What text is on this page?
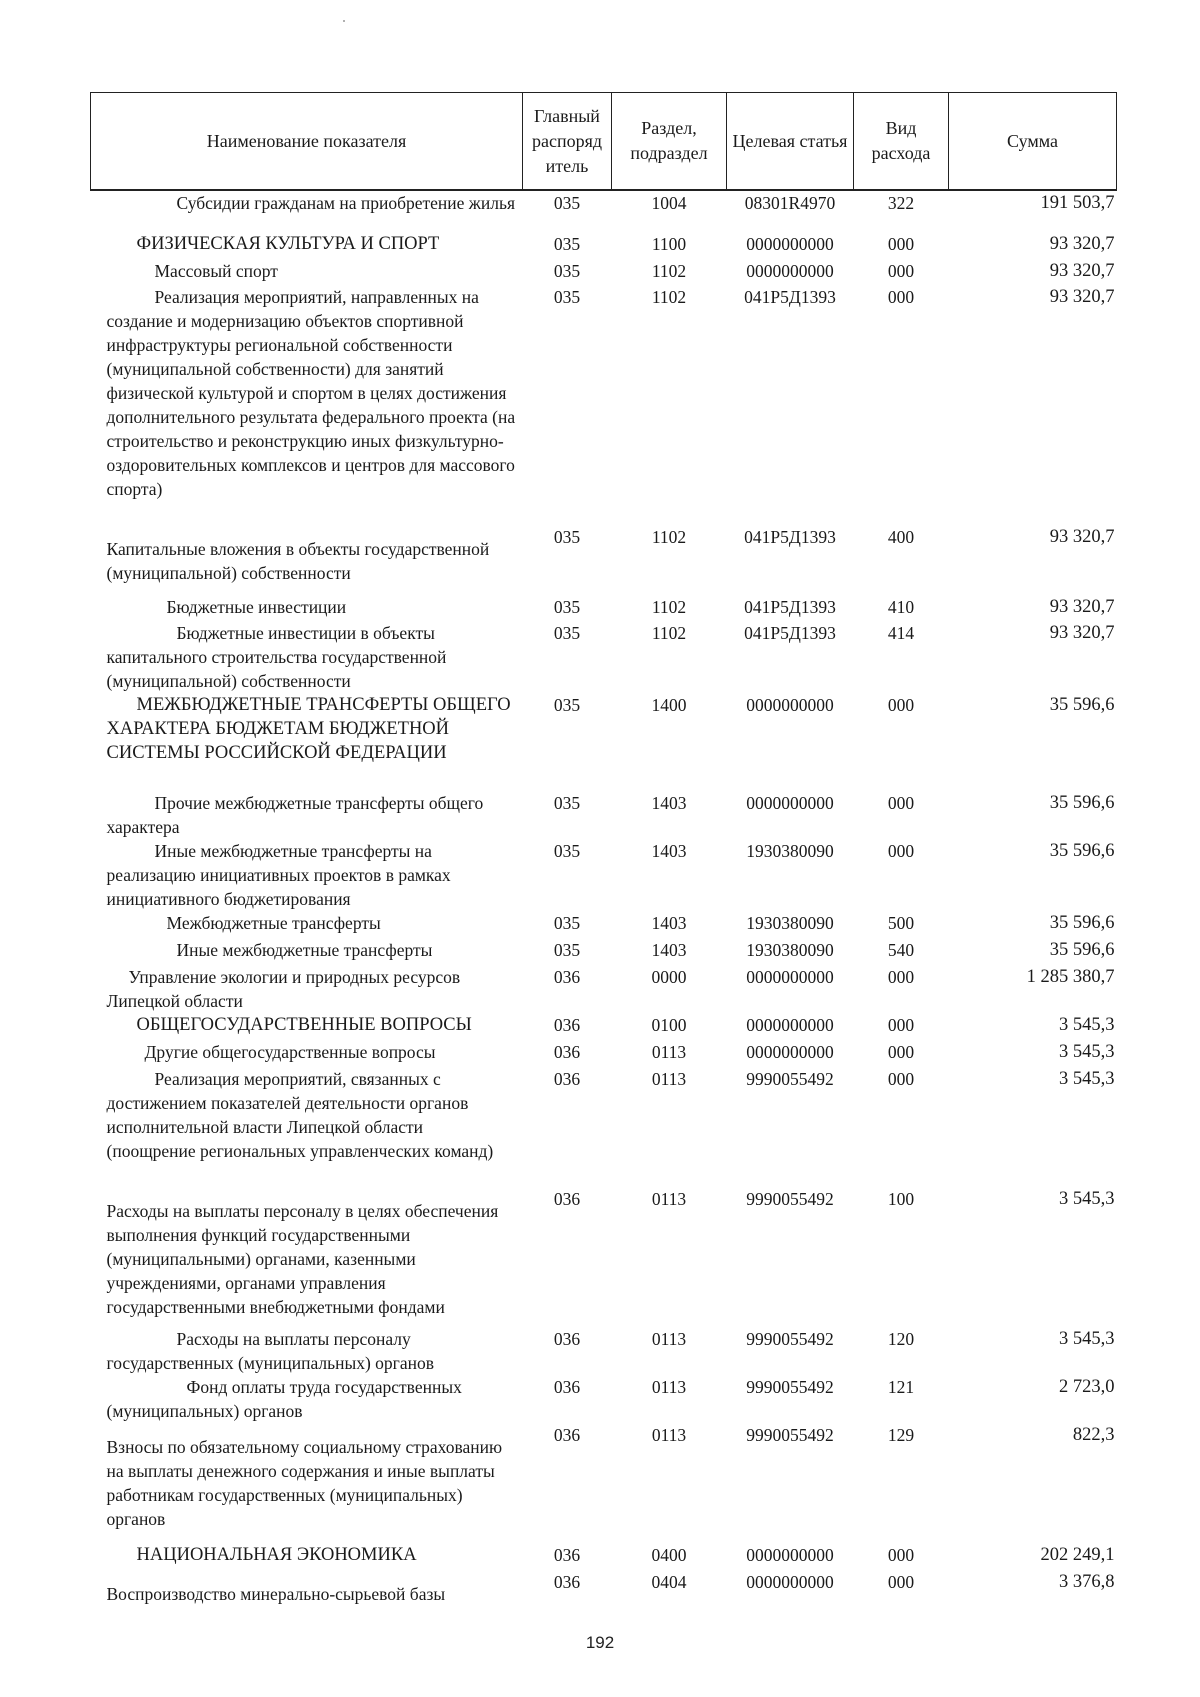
Наименование показателя	Главный распоряд итель	Раздел, подраздел	Целевая статья	Вид расхода	Сумма
Субсидии гражданам на приобретение жилья	035	1004	08301R4970	322	191 503,7
ФИЗИЧЕСКАЯ КУЛЬТУРА И СПОРТ	035	1100	0000000000	000	93 320,7
Массовый спорт	035	1102	0000000000	000	93 320,7
Реализация мероприятий, направленных на создание и модернизацию объектов спортивной инфраструктуры региональной собственности (муниципальной собственности) для занятий физической культурой и спортом в целях достижения дополнительного результата федерального проекта (на строительство и реконструкцию иных физкультурно-оздоровительных комплексов и центров для массового спорта)	035	1102	041Р5Д1393	000	93 320,7

Капитальные вложения в объекты государственной (муниципальной) собственности	035	1102	041Р5Д1393	400	93 320,7
Бюджетные инвестиции	035	1102	041Р5Д1393	410	93 320,7
Бюджетные инвестиции в объекты капитального строительства государственной (муниципальной) собственности	035	1102	041Р5Д1393	414	93 320,7
МЕЖБЮДЖЕТНЫЕ ТРАНСФЕРТЫ ОБЩЕГО ХАРАКТЕРА БЮДЖЕТАМ БЮДЖЕТНОЙ СИСТЕМЫ РОССИЙСКОЙ ФЕДЕРАЦИИ	035	1400	0000000000	000	35 596,6
Прочие межбюджетные трансферты общего характера	035	1403	0000000000	000	35 596,6
Иные межбюджетные трансферты на реализацию инициативных проектов в рамках инициативного бюджетирования	035	1403	1930380090	000	35 596,6
Межбюджетные трансферты	035	1403	1930380090	500	35 596,6
Иные межбюджетные трансферты	035	1403	1930380090	540	35 596,6
Управление экологии и природных ресурсов Липецкой области	036	0000	0000000000	000	1 285 380,7
ОБЩЕГОСУДАРСТВЕННЫЕ ВОПРОСЫ	036	0100	0000000000	000	3 545,3
Другие общегосударственные вопросы	036	0113	0000000000	000	3 545,3
Реализация мероприятий, связанных с достижением показателей деятельности органов исполнительной власти Липецкой области (поощрение региональных управленческих команд)	036	0113	9990055492	000	3 545,3

Расходы на выплаты персоналу в целях обеспечения выполнения функций государственными (муниципальными) органами, казенными учреждениями, органами управления государственными внебюджетными фондами	036	0113	9990055492	100	3 545,3
Расходы на выплаты персоналу государственных (муниципальных) органов	036	0113	9990055492	120	3 545,3
Фонд оплаты труда государственных (муниципальных) органов	036	0113	9990055492	121	2 723,0

Взносы по обязательному социальному страхованию на выплаты денежного содержания и иные выплаты работникам государственных (муниципальных) органов	036	0113	9990055492	129	822,3
НАЦИОНАЛЬНАЯ ЭКОНОМИКА	036	0400	0000000000	000	202 249,1

Воспроизводство минерально-сырьевой базы	036	0404	0000000000	000	3 376,8
192
